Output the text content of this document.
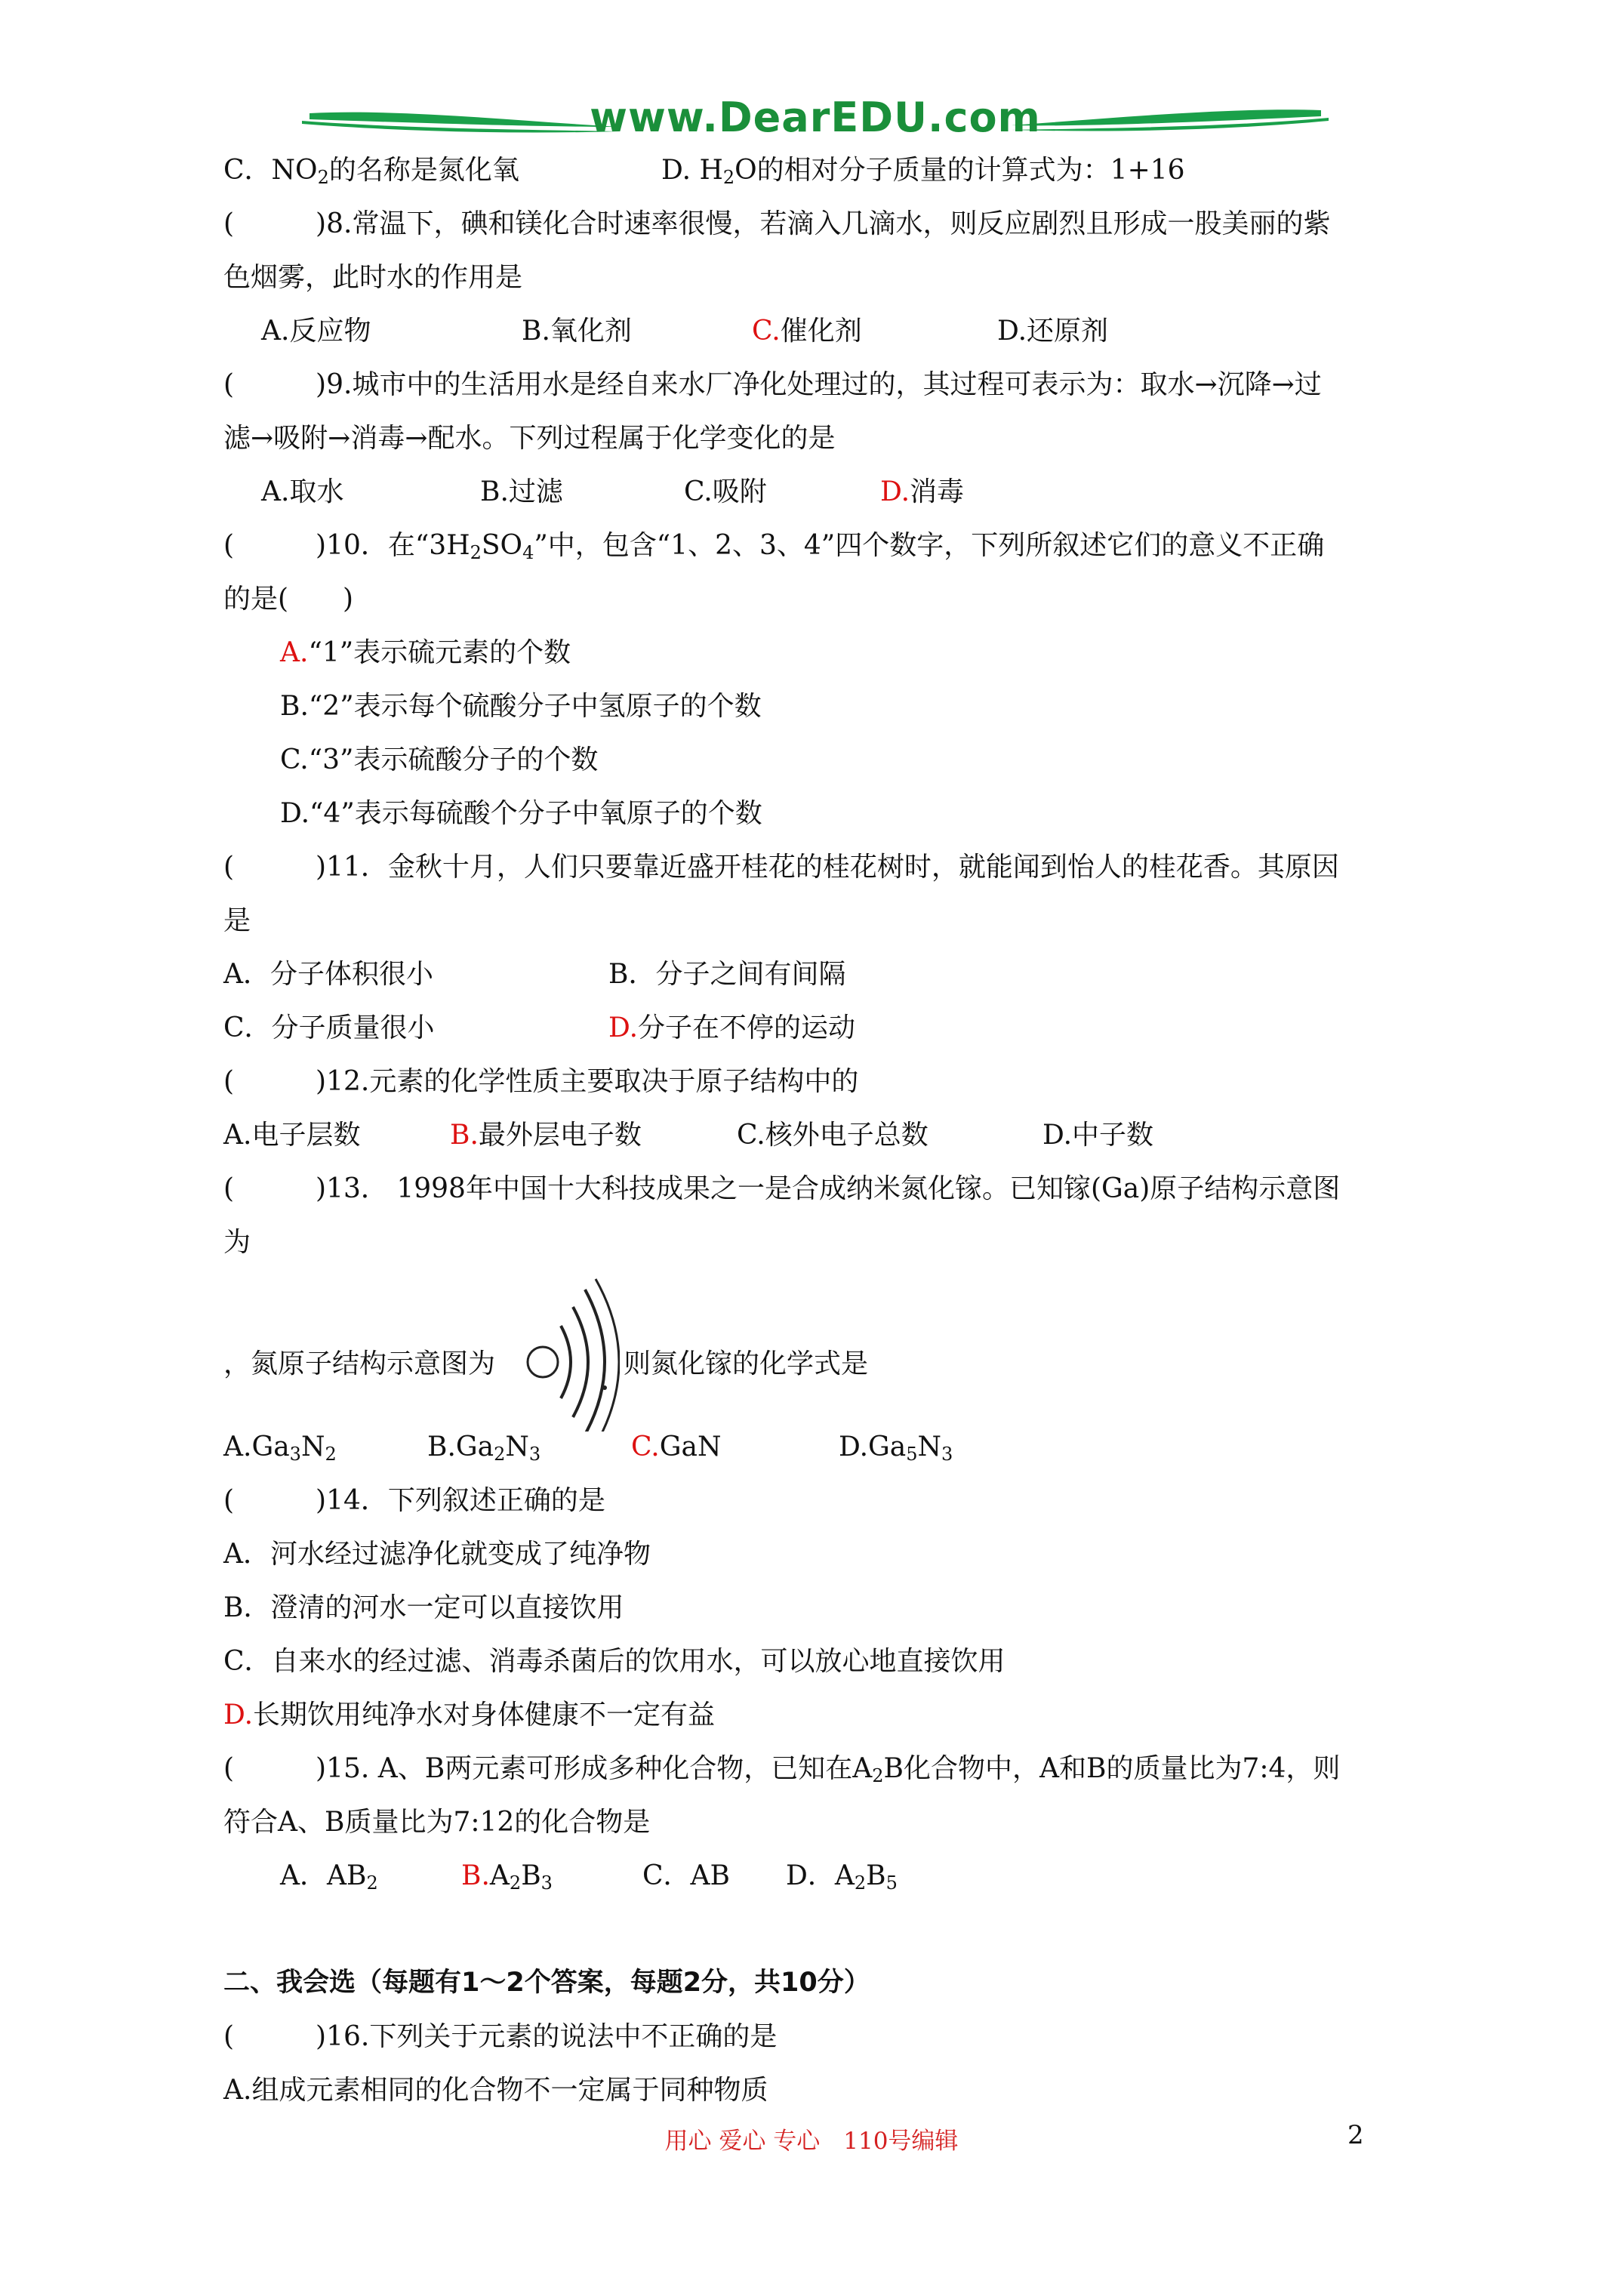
www.DearEDU.com
C．$NO_2$的名称是氮化氧	D. $H_2O$的相对分子质量的计算式为：1+16
(　　　)8.常温下，碘和镁化合时速率很慢，若滴入几滴水，则反应剧烈且形成一股美丽的紫
色烟雾，此时水的作用是
A.反应物	B.氧化剂	C.催化剂	D.还原剂
(　　　)9.城市中的生活用水是经自来水厂净化处理过的，其过程可表示为：取水→沉降→过
滤→吸附→消毒→配水。下列过程属于化学变化的是
A.取水	B.过滤	C.吸附	D.消毒
(　　　)10．在“$3H_2SO_4$”中，包含“1、2、3、4”四个数字，下列所叙述它们的意义不正确
的是(　　)
A.“1”表示硫元素的个数
B.“2”表示每个硫酸分子中氢原子的个数
C.“3”表示硫酸分子的个数
D.“4”表示每硫酸个分子中氧原子的个数
(　　　)11．金秋十月，人们只要靠近盛开桂花的桂花树时，就能闻到怡人的桂花香。其原因
是
A．分子体积很小	B．分子之间有间隔
C．分子质量很小	D.分子在不停的运动
(　　　)12.元素的化学性质主要取决于原子结构中的
A.电子层数	B.最外层电子数	C.核外电子总数	D.中子数
(　　　)13． 1998年中国十大科技成果之一是合成纳米氮化镓。已知镓(Ga)原子结构示意图
为
，氮原子结构示意图为	则氮化镓的化学式是
$A.Ga_3N_2$	$B.Ga_2N_3$	C.GaN	$D.Ga_5N_3$
(　　　)14．下列叙述正确的是
A．河水经过滤净化就变成了纯净物
B．澄清的河水一定可以直接饮用
C．自来水的经过滤、消毒杀菌后的饮用水，可以放心地直接饮用
D.长期饮用纯净水对身体健康不一定有益
(　　　)15. A、B两元素可形成多种化合物，已知在$A_2B$化合物中，A和B的质量比为7:4，则
符合A、B质量比为7:12的化合物是
A．$AB_2$	$B.A_2B_3$	C．AB D．$A_2B_5$
二、我会选（每题有1～2个答案，每题2分，共10分）
(　　　)16.下列关于元素的说法中不正确的是
A.组成元素相同的化合物不一定属于同种物质
用心 爱心 专心　110号编辑	2
